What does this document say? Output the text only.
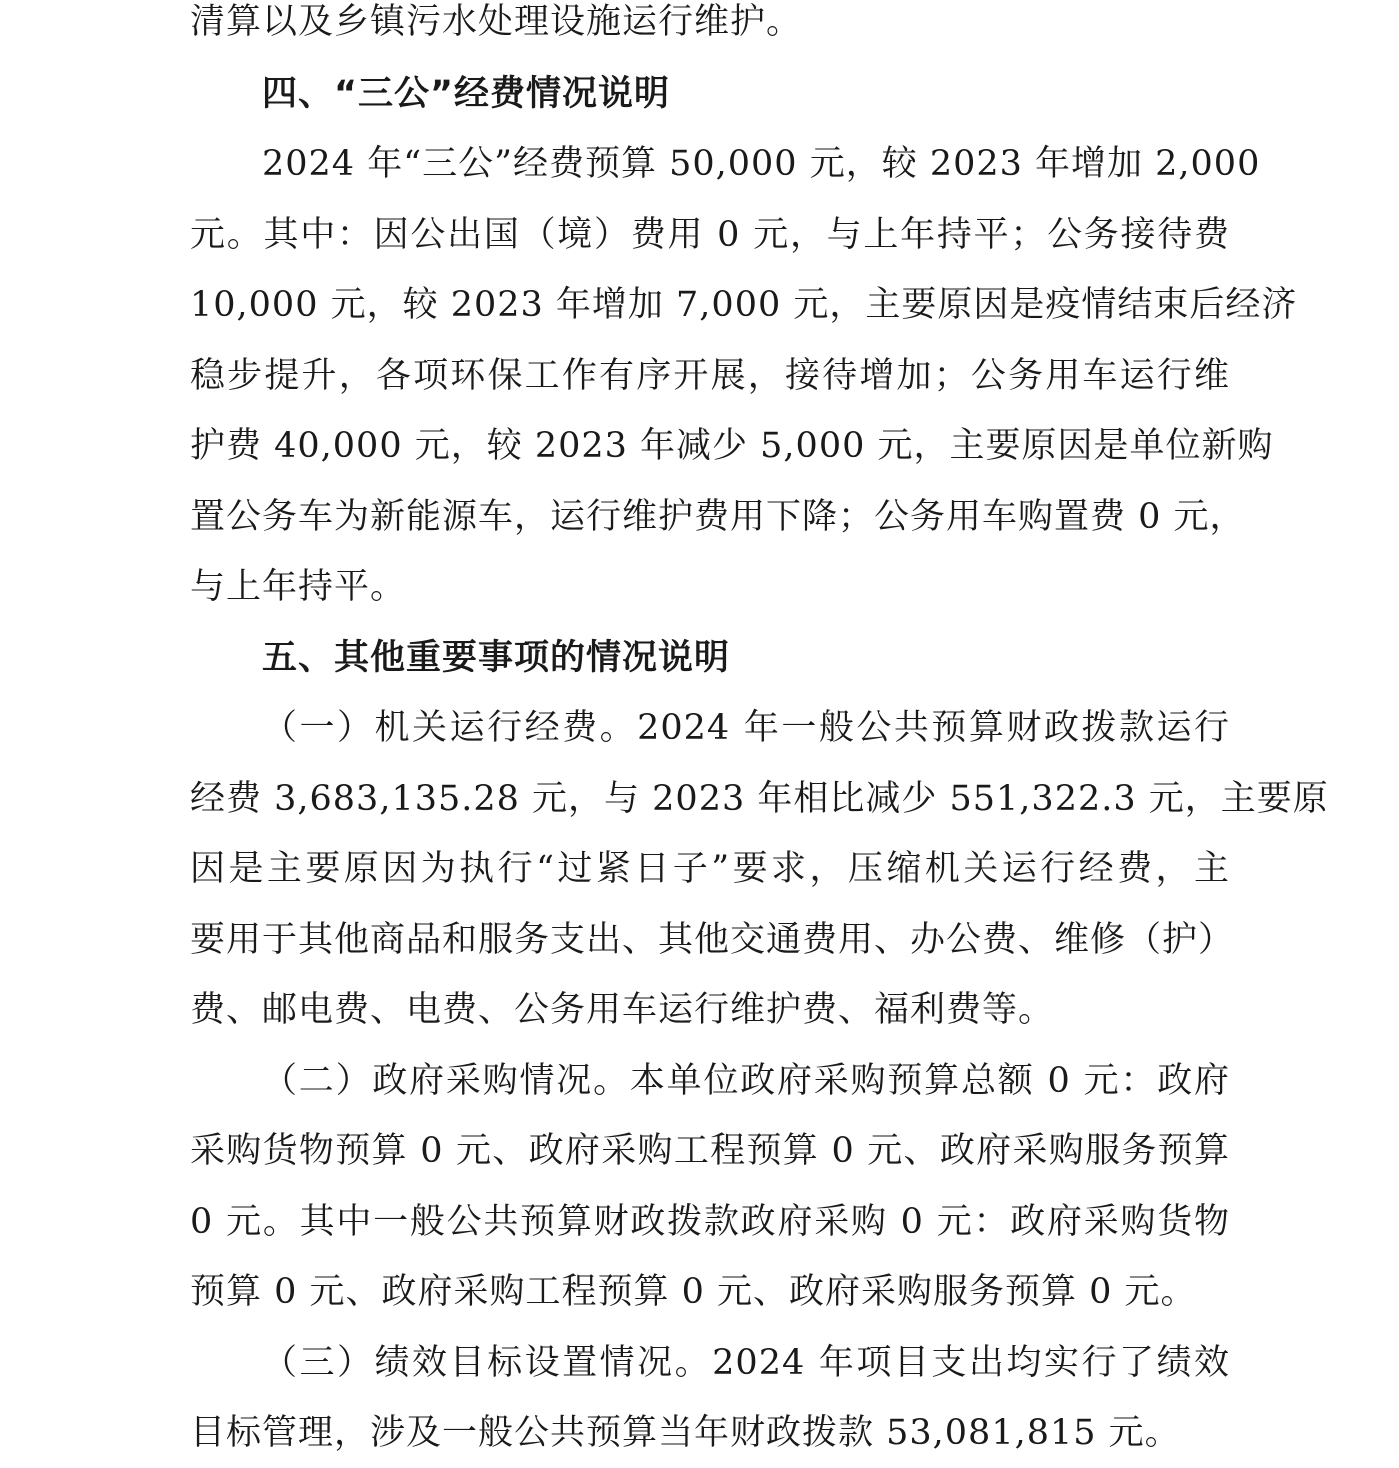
清算以及乡镇污水处理设施运行维护。
四、“三公”经费情况说明
2024 年“三公”经费预算 50,000 元，较 2023 年增加 2,000
元。其中：因公出国（境）费用 0 元，与上年持平；公务接待费
10,000 元，较 2023 年增加 7,000 元，主要原因是疫情结束后经济
稳步提升，各项环保工作有序开展，接待增加；公务用车运行维
护费 40,000 元，较 2023 年减少 5,000 元，主要原因是单位新购
置公务车为新能源车，运行维护费用下降；公务用车购置费 0 元，
与上年持平。
五、其他重要事项的情况说明
（一）机关运行经费。2024 年一般公共预算财政拨款运行
经费 3,683,135.28 元，与 2023 年相比减少 551,322.3 元，主要原
因是主要原因为执行“过紧日子”要求，压缩机关运行经费，主
要用于其他商品和服务支出、其他交通费用、办公费、维修（护）
费、邮电费、电费、公务用车运行维护费、福利费等。
（二）政府采购情况。本单位政府采购预算总额 0 元：政府
采购货物预算 0 元、政府采购工程预算 0 元、政府采购服务预算
0 元。其中一般公共预算财政拨款政府采购 0 元：政府采购货物
预算 0 元、政府采购工程预算 0 元、政府采购服务预算 0 元。
（三）绩效目标设置情况。2024 年项目支出均实行了绩效
目标管理，涉及一般公共预算当年财政拨款 53,081,815 元。
